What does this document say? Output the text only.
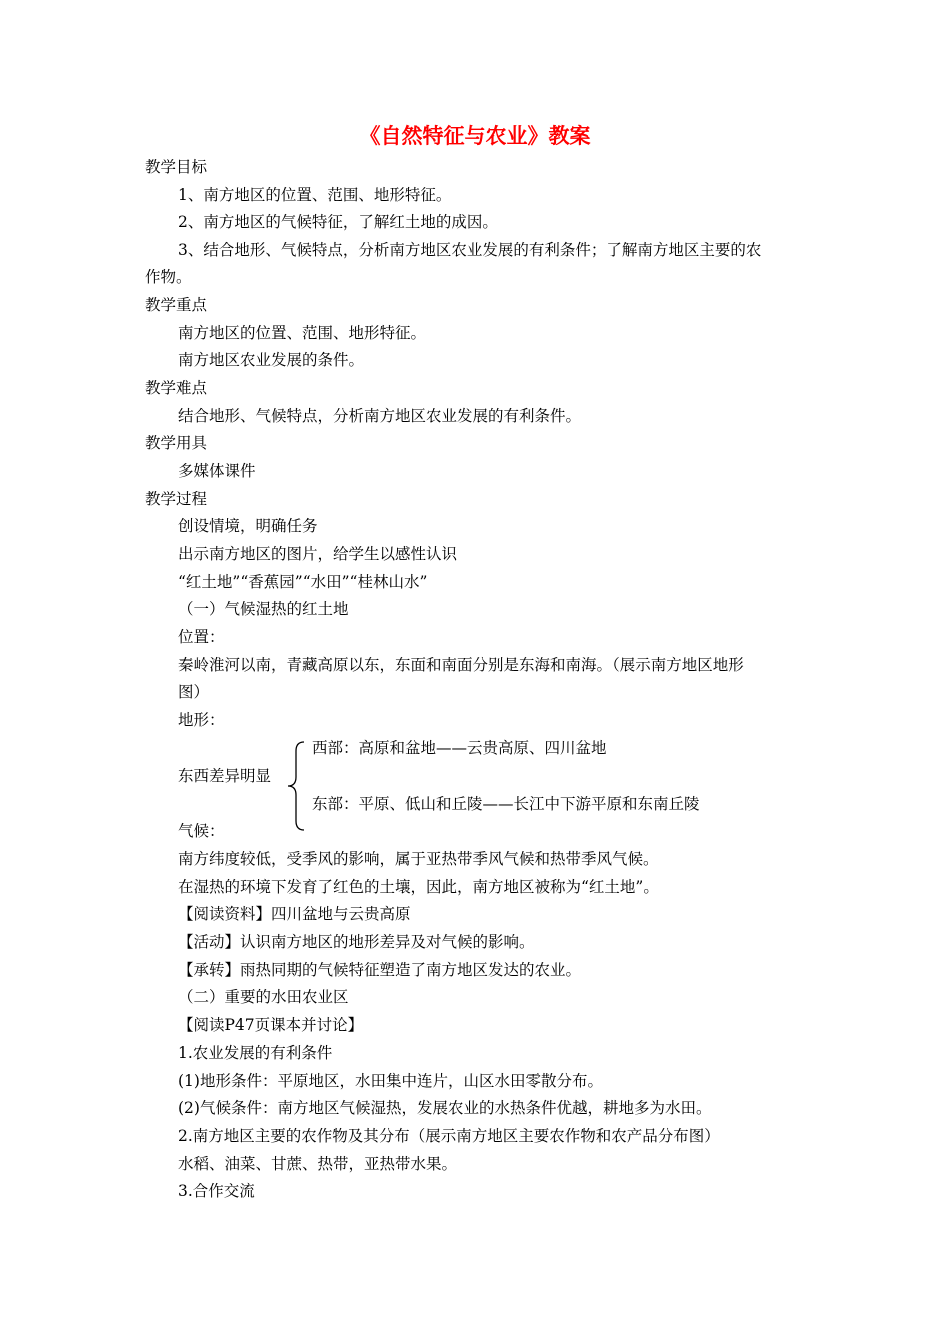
《自然特征与农业》教案
教学目标
1、南方地区的位置、范围、地形特征。
2、南方地区的气候特征，了解红土地的成因。
3、结合地形、气候特点，分析南方地区农业发展的有利条件；了解南方地区主要的农
作物。
教学重点
南方地区的位置、范围、地形特征。
南方地区农业发展的条件。
教学难点
结合地形、气候特点，分析南方地区农业发展的有利条件。
教学用具
多媒体课件
教学过程
创设情境，明确任务
出示南方地区的图片，给学生以感性认识
“红土地”“香蕉园”“水田”“桂林山水”
（一）气候湿热的红土地
位置：
秦岭淮河以南，青藏高原以东，东面和南面分别是东海和南海。（展示南方地区地形
图）
地形：
西部：高原和盆地——云贵高原、四川盆地
东西差异明显
东部：平原、低山和丘陵——长江中下游平原和东南丘陵
气候：
南方纬度较低，受季风的影响，属于亚热带季风气候和热带季风气候。
在湿热的环境下发育了红色的土壤，因此，南方地区被称为“红土地”。
【阅读资料】四川盆地与云贵高原
【活动】认识南方地区的地形差异及对气候的影响。
【承转】雨热同期的气候特征塑造了南方地区发达的农业。
（二）重要的水田农业区
【阅读P47页课本并讨论】
1.农业发展的有利条件
(1)地形条件：平原地区，水田集中连片，山区水田零散分布。
(2)气候条件：南方地区气候湿热，发展农业的水热条件优越，耕地多为水田。
2.南方地区主要的农作物及其分布（展示南方地区主要农作物和农产品分布图）
水稻、油菜、甘蔗、热带，亚热带水果。
3.合作交流
